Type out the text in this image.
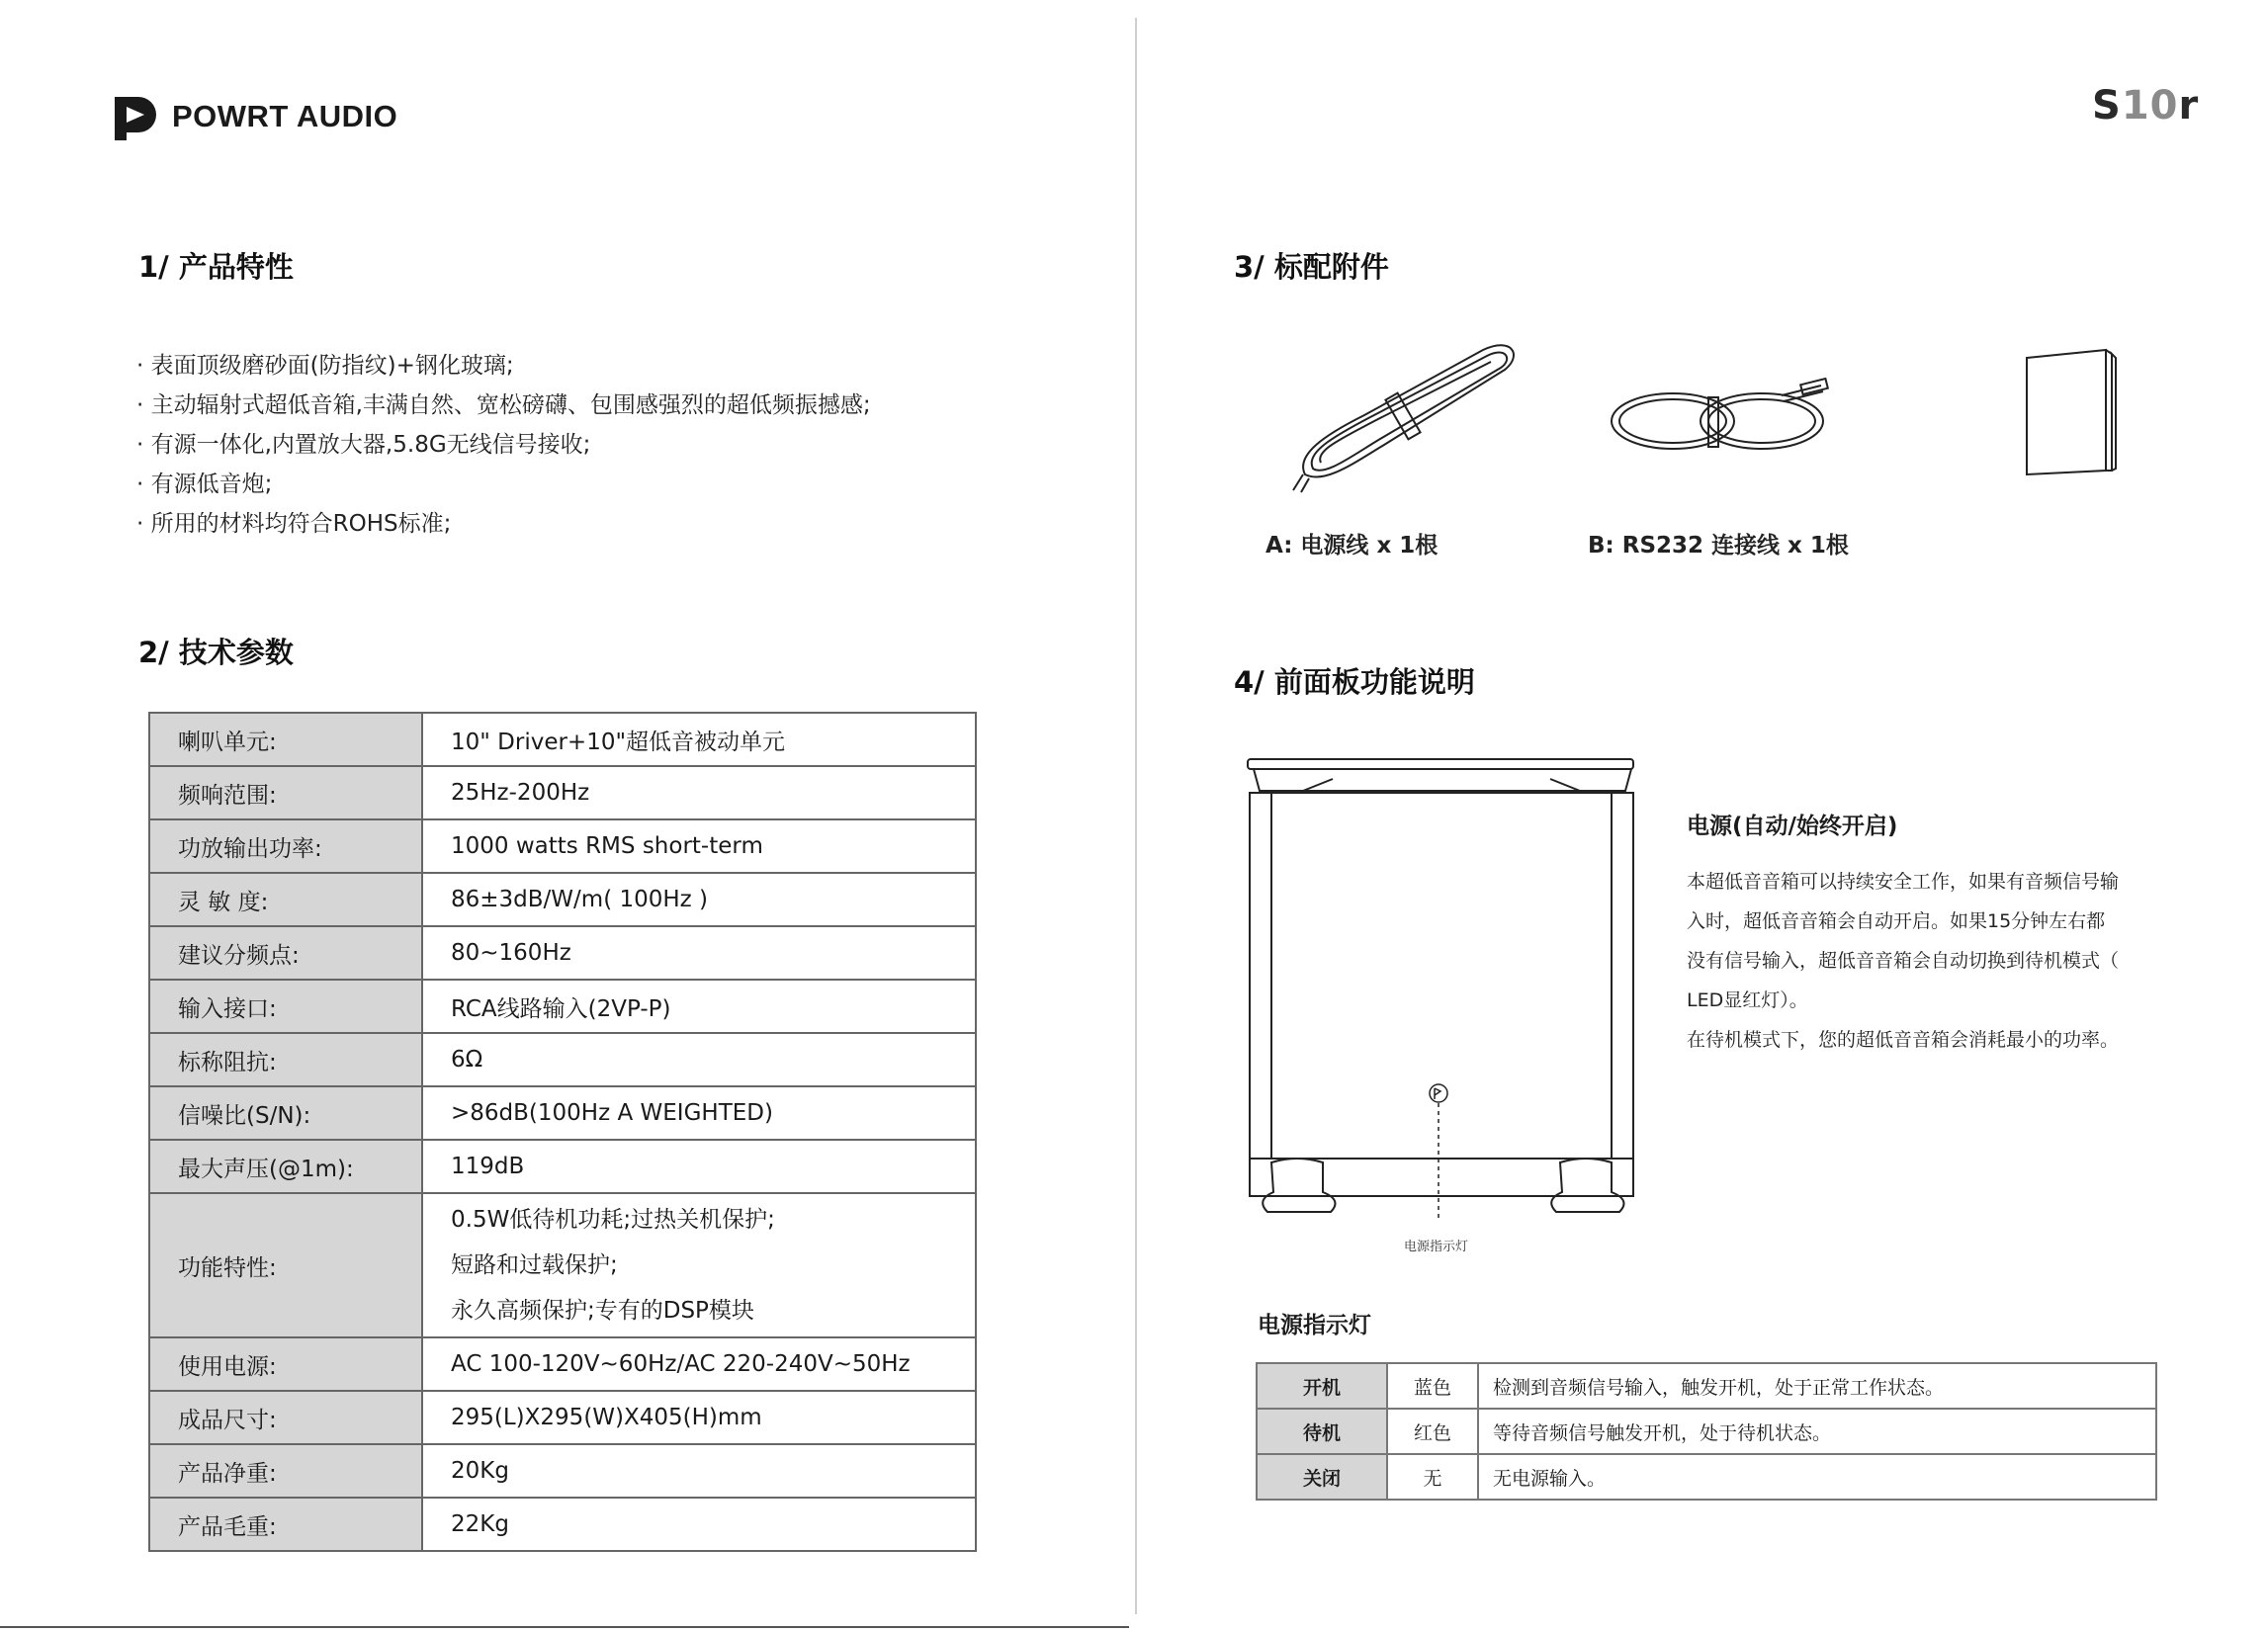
POWRT AUDIO	S10r
1/ 产品特性
· 表面顶级磨砂面(防指纹)+钢化玻璃;
· 主动辐射式超低音箱,丰满自然、宽松磅礴、包围感强烈的超低频振撼感;
· 有源一体化,内置放大器,5.8G无线信号接收;
· 有源低音炮;
· 所用的材料均符合ROHS标准;
2/ 技术参数
喇叭单元:	10" Driver+10"超低音被动单元
频响范围:	25Hz-200Hz
功放输出功率:	1000 watts RMS short-term
灵 敏 度:	86±3dB/W/m( 100Hz )
建议分频点:	80~160Hz
输入接口:	RCA线路输入(2VP-P)
标称阻抗:	6Ω
信噪比(S/N):	>86dB(100Hz A WEIGHTED)
最大声压(@1m):	119dB
功能特性:	0.5W低待机功耗;过热关机保护;
短路和过载保护;
永久高频保护;专有的DSP模块

使用电源:	AC 100-120V~60Hz/AC 220-240V~50Hz
成品尺寸:	295(L)X295(W)X405(H)mm
产品净重:	20Kg
产品毛重:	22Kg
3/ 标配附件
A: 电源线 x 1根	B: RS232 连接线 x 1根
4/ 前面板功能说明
电源指示灯
电源(自动/始终开启)
本超低音音箱可以持续安全工作，如果有音频信号输
入时，超低音音箱会自动开启。如果15分钟左右都
没有信号输入，超低音音箱会自动切换到待机模式（
LED显红灯）。
在待机模式下，您的超低音音箱会消耗最小的功率。
电源指示灯
开机	蓝色	检测到音频信号输入，触发开机，处于正常工作状态。
待机	红色	等待音频信号触发开机，处于待机状态。
关闭	无	无电源输入。
